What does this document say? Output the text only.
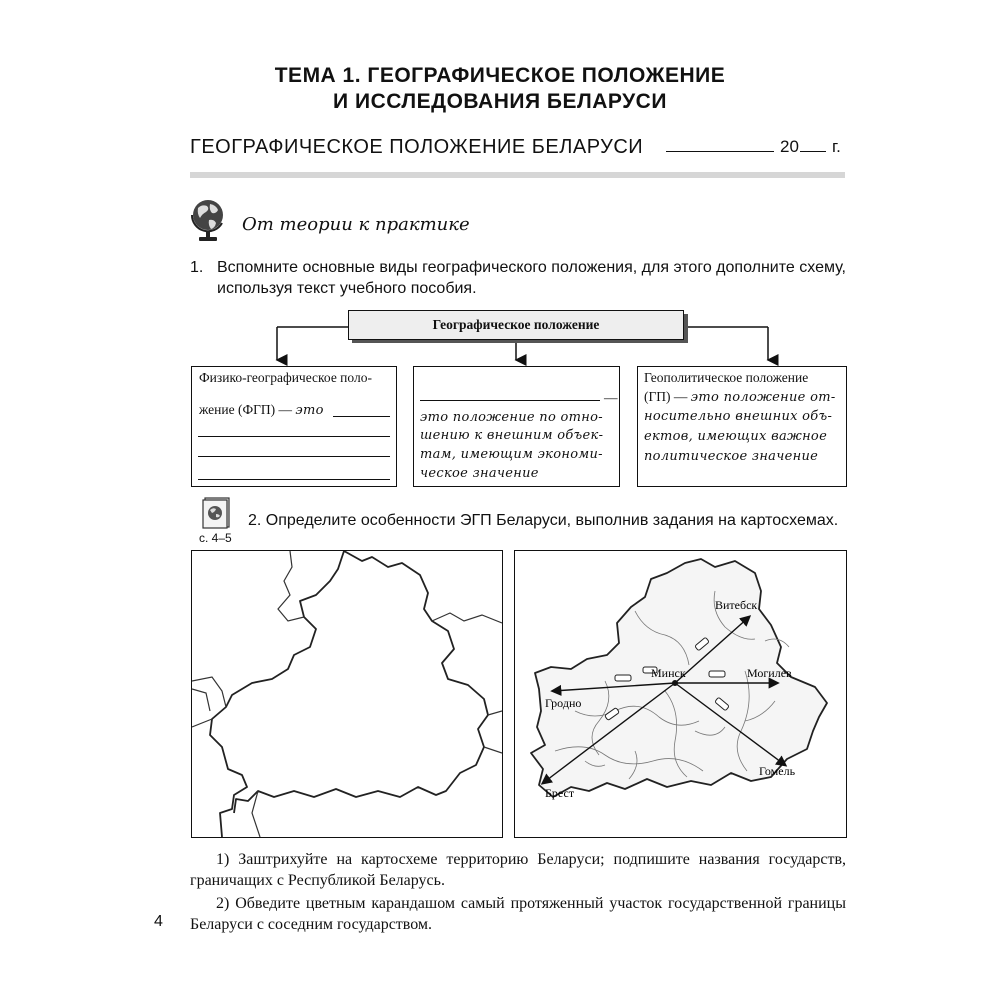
ТЕМА 1. ГЕОГРАФИЧЕСКОЕ ПОЛОЖЕНИЕ
И ИССЛЕДОВАНИЯ БЕЛАРУСИ
ГЕОГРАФИЧЕСКОЕ ПОЛОЖЕНИЕ БЕЛАРУСИ	20 г.
От теории к практике
1. Вспомните основные виды географического положения, для этого дополните схему, используя текст учебного пособия.
Географическое положение
Физико-географическое поло-
жение (ФГП) — это
—
это положение по отно-
шению к внешним объек-
там, имеющим экономи-
ческое значение
Геополитическое положение
(ГП) — это положение от-
носительно внешних объ-
ектов, имеющих важное
политическое значение
с. 4–5
2. Определите особенности ЭГП Беларуси, выполнив задания на картосхемах.
Витебск
Минск	Могилев
Гродно
Брест
Гомель
1) Заштрихуйте на картосхеме территорию Беларуси; подпишите названия государств, граничащих с Республикой Беларусь.
2) Обведите цветным карандашом самый протяженный участок государственной границы Беларуси с соседним государством.
4
